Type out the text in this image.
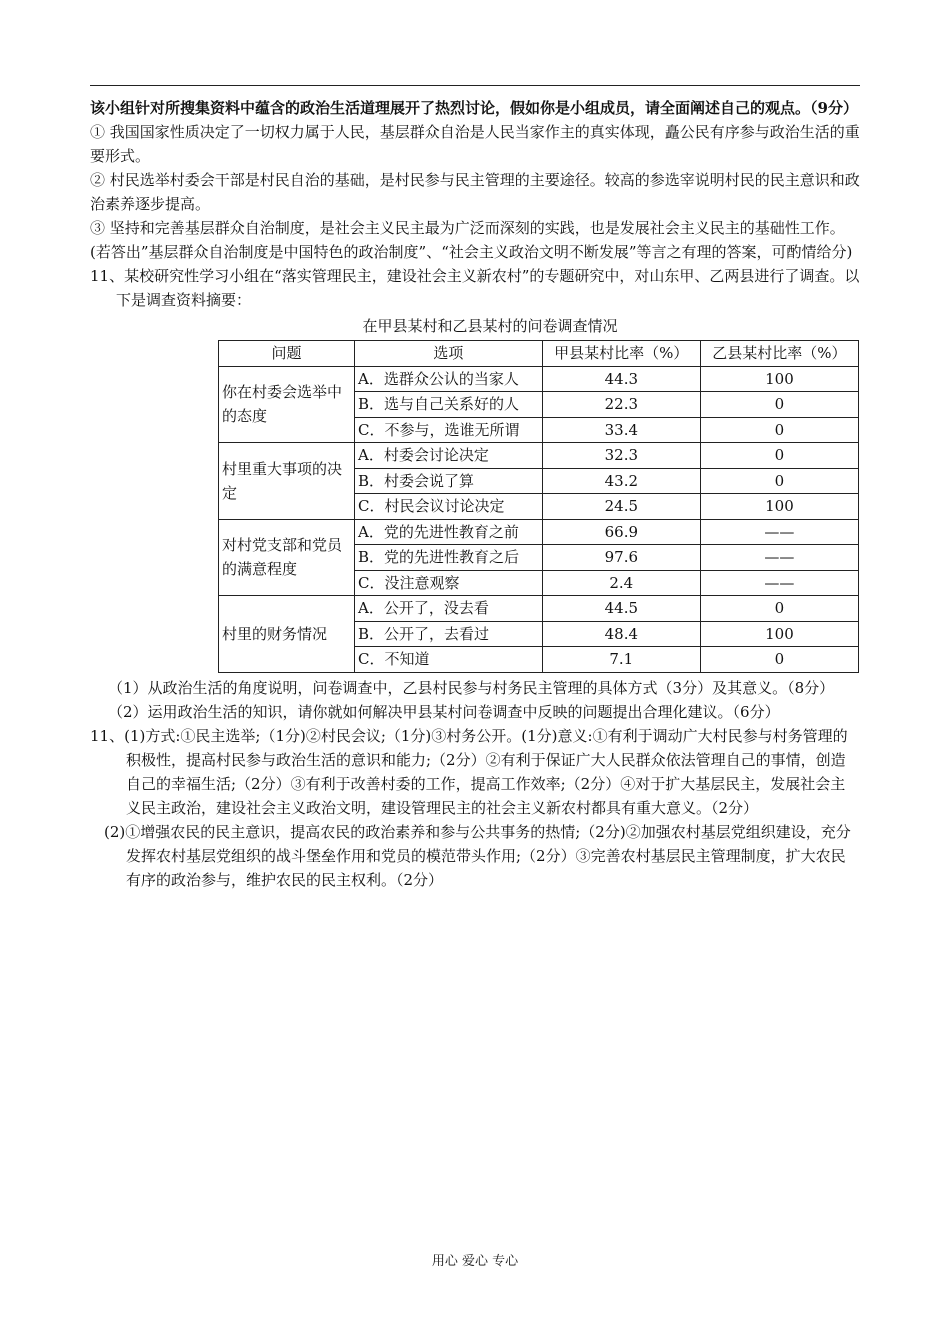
该小组针对所搜集资料中蕴含的政治生活道理展开了热烈讨论，假如你是小组成员，请全面阐述自己的观点。（9分）

① 我国国家性质决定了一切权力属于人民，基层群众自治是人民当家作主的真实体现，矗公民有序参与政治生活的重要形式。

② 村民选举村委会干部是村民自治的基础，是村民参与民主管理的主要途径。较高的参选宰说明村民的民主意识和政治素养逐步提高。

③ 坚持和完善基层群众自治制度，是社会主义民主最为广泛而深刻的实践，也是发展社会主义民主的基础性工作。(若答出”基层群众自治制度是中国特色的政治制度”、“社会主义政治文明不断发展”等言之有理的答案，可酌情给分)

11、某校研究性学习小组在“落实管理民主，建设社会主义新农村”的专题研究中，对山东甲、乙两县进行了调查。以下是调查资料摘要：

在甲县某村和乙县某村的问卷调查情况

问题	选项	甲县某村比率（%）	乙县某村比率（%）
你在村委会选举中的态度	A．选群众公认的当家人	44.3	100
	B．选与自己关系好的人	22.3	0
	C．不参与，选谁无所谓	33.4	0
村里重大事项的决定	A．村委会讨论决定	32.3	0
	B．村委会说了算	43.2	0
	C．村民会议讨论决定	24.5	100
对村党支部和党员的满意程度	A．党的先进性教育之前	66.9	——
	B．党的先进性教育之后	97.6	——
	C．没注意观察	2.4	——
村里的财务情况	A．公开了，没去看	44.5	0
	B．公开了，去看过	48.4	100
	C．不知道	7.1	0

（1）从政治生活的角度说明，问卷调查中，乙县村民参与村务民主管理的具体方式（3分）及其意义。（8分）

（2）运用政治生活的知识，请你就如何解决甲县某村问卷调查中反映的问题提出合理化建议。（6分）

11、(1)方式:①民主选举;（1分)②村民会议;（1分)③村务公开。(1分)意义:①有利于调动广大村民参与村务管理的积极性，提高村民参与政治生活的意识和能力;（2分）②有利于保证广大人民群众依法管理自己的事情，创造自己的幸福生活;（2分）③有利于改善村委的工作，提高工作效率;（2分）④对于扩大基层民主，发展社会主义民主政治，建设社会主义政治文明，建设管理民主的社会主义新农村都具有重大意义。（2分）

(2)①增强农民的民主意识，提高农民的政治素养和参与公共事务的热情;（2分)②加强农村基层党组织建设，充分发挥农村基层党组织的战斗堡垒作用和党员的模范带头作用;（2分）③完善农村基层民主管理制度，扩大农民有序的政治参与，维护农民的民主权利。（2分）

用心 爱心 专心
